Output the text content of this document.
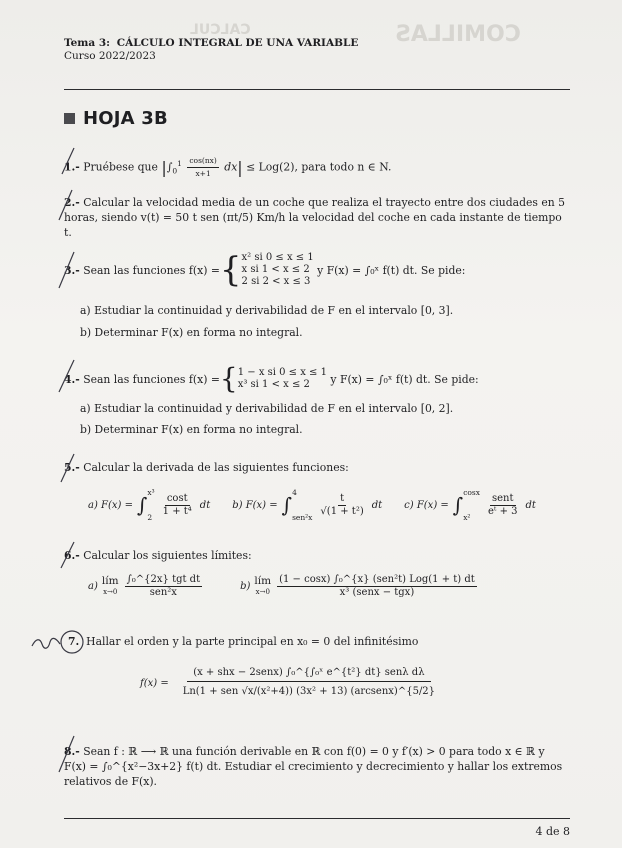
COMILLAS
CALCUL
Tema 3: CÁLCULO INTEGRAL DE UNA VARIABLE
Curso 2022/2023
HOJA 3B
1.- Pruébese que $|\int_0^1 \frac{\cos(nx)}{x+1} dx| \le Log(2)$, para todo n ∈ N.
2.- Calcular la velocidad media de un coche que realiza el trayecto entre dos ciudades en 5 horas, siendo v(t) = 50 t sen (πt/5) Km/h la velocidad del coche en cada instante de tiempo t.
3.-
Sean las funciones f(x) = { x² si 0 ≤ x ≤ 1
x si 1 < x ≤ 2
2 si 2 < x ≤ 3

y F(x) = ∫₀ˣ f(t) dt. Se pide:
a) Estudiar la continuidad y derivabilidad de F en el intervalo [0, 3].
b) Determinar F(x) en forma no integral.
4.-
Sean las funciones f(x) = { 1 − x si 0 ≤ x ≤ 1
x³ si 1 < x ≤ 2
	y F(x) = ∫₀ˣ f(t) dt. Se pide:
a) Estudiar la continuidad y derivabilidad de F en el intervalo [0, 2].
b) Determinar F(x) en forma no integral.
5.- Calcular la derivada de las siguientes funciones:
a) F(x) = ∫ x³
$2 \frac{\cos t}{\text{1 + t⁴}}$ dt b) F(x) = ∫ 4
$sen^2x \frac{t}{\text{√(1 + t²)}}$ dt c) F(x) = ∫ cosx
x²	$\frac{\text{sent}}{\text{eᵗ + 3}}$ dt
6.- Calcular los siguientes límites:
a) lím
$x\to 0 \frac{\text{∫₀\textasciicircum{}\{2x\} tgt dt}}{\text{sen²x}}$	b) lím
$x\to 0 \frac{\text{(1 − cosx) ∫₀\textasciicircum{}\{x\} (sen²t) Log(1 + t) dt}}{\text{x³ (senx − tgx)}}$
7. Hallar el orden y la parte principal en x₀ = 0 del infinitésimo
$f(x) = \frac{\text{(x + shx − 2senx) ∫₀\textasciicircum{}\{∫₀ˣ e\textasciicircum{}\{t²\} dt\} senλ dλ}}{\text{Ln(1 + sen √x/(x²+4)) (3x² + 13) (arcsenx)\textasciicircum{}\{5/2\}}}$
8.- Sean f : ℝ ⟶ ℝ una función derivable en ℝ con f(0) = 0 y f′(x) > 0 para todo x ∈ ℝ y F(x) = ∫₀^{x²−3x+2} f(t) dt. Estudiar el crecimiento y decrecimiento y hallar los extremos relativos de F(x).
4 de 8
